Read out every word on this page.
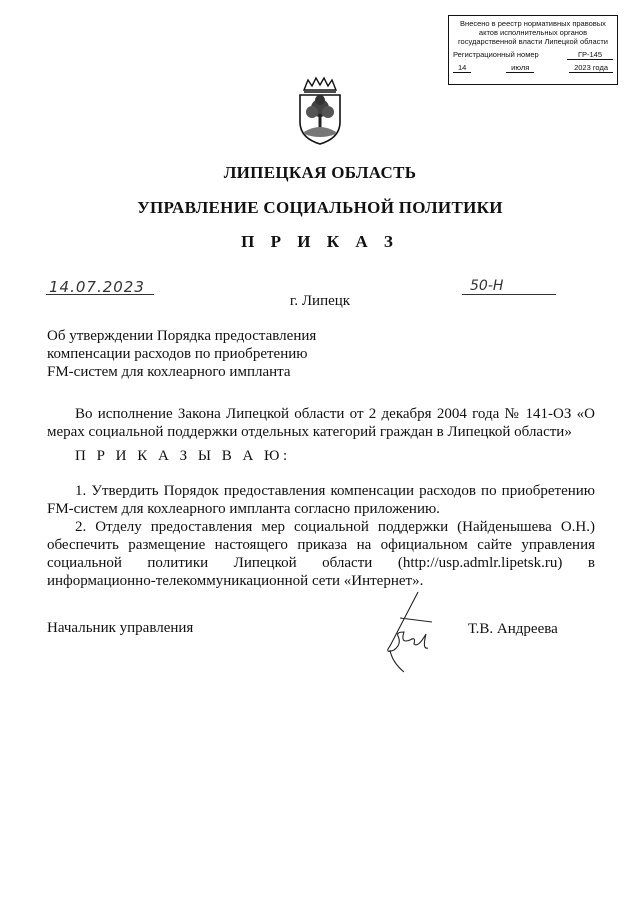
Внесено в реестр нормативных правовых
актов исполнительных органов
государственной власти Липецкой области
Регистрационный номер	ГР-145
14	июля	2023 года
ЛИПЕЦКАЯ ОБЛАСТЬ
УПРАВЛЕНИЕ СОЦИАЛЬНОЙ ПОЛИТИКИ
П Р И К А З
14.07.2023	50-Н
г. Липецк
Об утверждении Порядка предоставления
компенсации расходов по приобретению
FM-систем для кохлеарного импланта
Во исполнение Закона Липецкой области от 2 декабря 2004 года № 141-ОЗ «О мерах социальной поддержки отдельных категорий граждан в Липецкой области»
П Р И К А З Ы В А Ю:
1. Утвердить Порядок предоставления компенсации расходов по приобретению FM-систем для кохлеарного импланта согласно приложению.
2. Отделу предоставления мер социальной поддержки (Найденышева О.Н.) обеспечить размещение настоящего приказа на официальном сайте управления социальной политики Липецкой области (http://usp.admlr.lipetsk.ru) в информационно-телекоммуникационной сети «Интернет».
Начальник управления	Т.В. Андреева
